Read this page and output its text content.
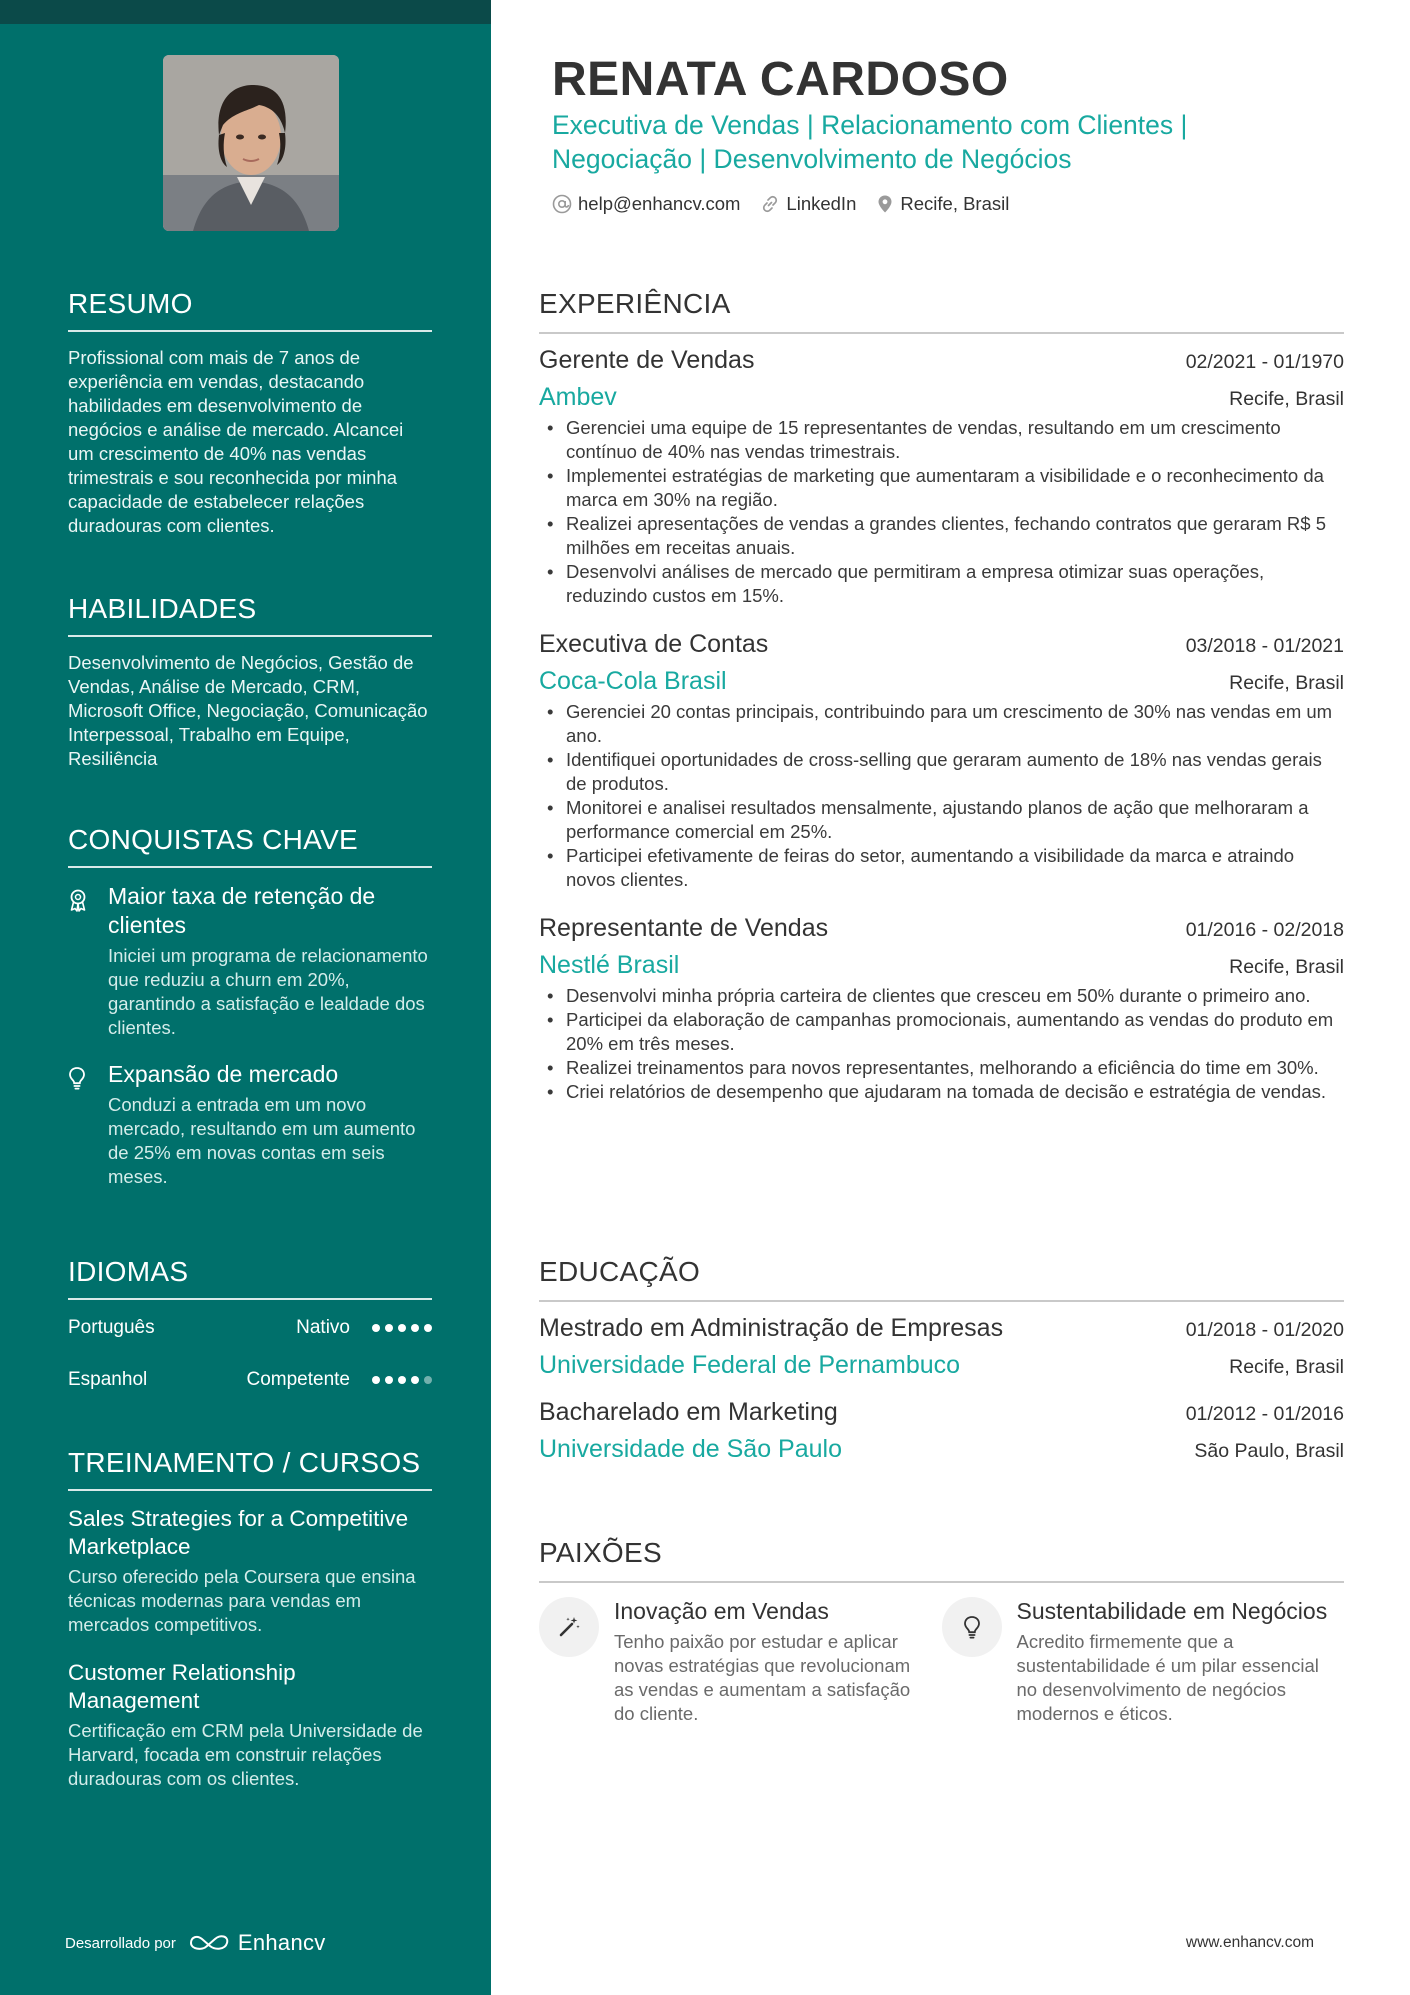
RESUMO
Profissional com mais de 7 anos de experiência em vendas, destacando habilidades em desenvolvimento de negócios e análise de mercado. Alcancei um crescimento de 40% nas vendas trimestrais e sou reconhecida por minha capacidade de estabelecer relações duradouras com clientes.
HABILIDADES
Desenvolvimento de Negócios, Gestão de Vendas, Análise de Mercado, CRM, Microsoft Office, Negociação, Comunicação Interpessoal, Trabalho em Equipe, Resiliência
CONQUISTAS CHAVE
Maior taxa de retenção de clientes
Iniciei um programa de relacionamento que reduziu a churn em 20%, garantindo a satisfação e lealdade dos clientes.
Expansão de mercado
Conduzi a entrada em um novo mercado, resultando em um aumento de 25% em novas contas em seis meses.
IDIOMAS
Português	Nativo
Espanhol	Competente
TREINAMENTO / CURSOS
Sales Strategies for a Competitive Marketplace
Curso oferecido pela Coursera que ensina técnicas modernas para vendas em mercados competitivos.
Customer Relationship Management
Certificação em CRM pela Universidade de Harvard, focada em construir relações duradouras com os clientes.
Desarrollado por	Enhancv
RENATA CARDOSO
Executiva de Vendas | Relacionamento com Clientes | Negociação | Desenvolvimento de Negócios
help@enhancv.com LinkedIn Recife, Brasil
EXPERIÊNCIA
Gerente de Vendas	02/2021 - 01/1970
Ambev	Recife, Brasil
• Gerenciei uma equipe de 15 representantes de vendas, resultando em um crescimento contínuo de 40% nas vendas trimestrais.
• Implementei estratégias de marketing que aumentaram a visibilidade e o reconhecimento da marca em 30% na região.
• Realizei apresentações de vendas a grandes clientes, fechando contratos que geraram R$ 5 milhões em receitas anuais.
• Desenvolvi análises de mercado que permitiram a empresa otimizar suas operações, reduzindo custos em 15%.
Executiva de Contas	03/2018 - 01/2021
Coca-Cola Brasil	Recife, Brasil
• Gerenciei 20 contas principais, contribuindo para um crescimento de 30% nas vendas em um ano.
• Identifiquei oportunidades de cross-selling que geraram aumento de 18% nas vendas gerais de produtos.
• Monitorei e analisei resultados mensalmente, ajustando planos de ação que melhoraram a performance comercial em 25%.
• Participei efetivamente de feiras do setor, aumentando a visibilidade da marca e atraindo novos clientes.
Representante de Vendas	01/2016 - 02/2018
Nestlé Brasil	Recife, Brasil
• Desenvolvi minha própria carteira de clientes que cresceu em 50% durante o primeiro ano.
• Participei da elaboração de campanhas promocionais, aumentando as vendas do produto em 20% em três meses.
• Realizei treinamentos para novos representantes, melhorando a eficiência do time em 30%.
• Criei relatórios de desempenho que ajudaram na tomada de decisão e estratégia de vendas.
EDUCAÇÃO
Mestrado em Administração de Empresas	01/2018 - 01/2020
Universidade Federal de Pernambuco	Recife, Brasil
Bacharelado em Marketing	01/2012 - 01/2016
Universidade de São Paulo	São Paulo, Brasil
PAIXÕES
Inovação em Vendas
Tenho paixão por estudar e aplicar novas estratégias que revolucionam as vendas e aumentam a satisfação do cliente.
Sustentabilidade em Negócios
Acredito firmemente que a sustentabilidade é um pilar essencial no desenvolvimento de negócios modernos e éticos.
www.enhancv.com
